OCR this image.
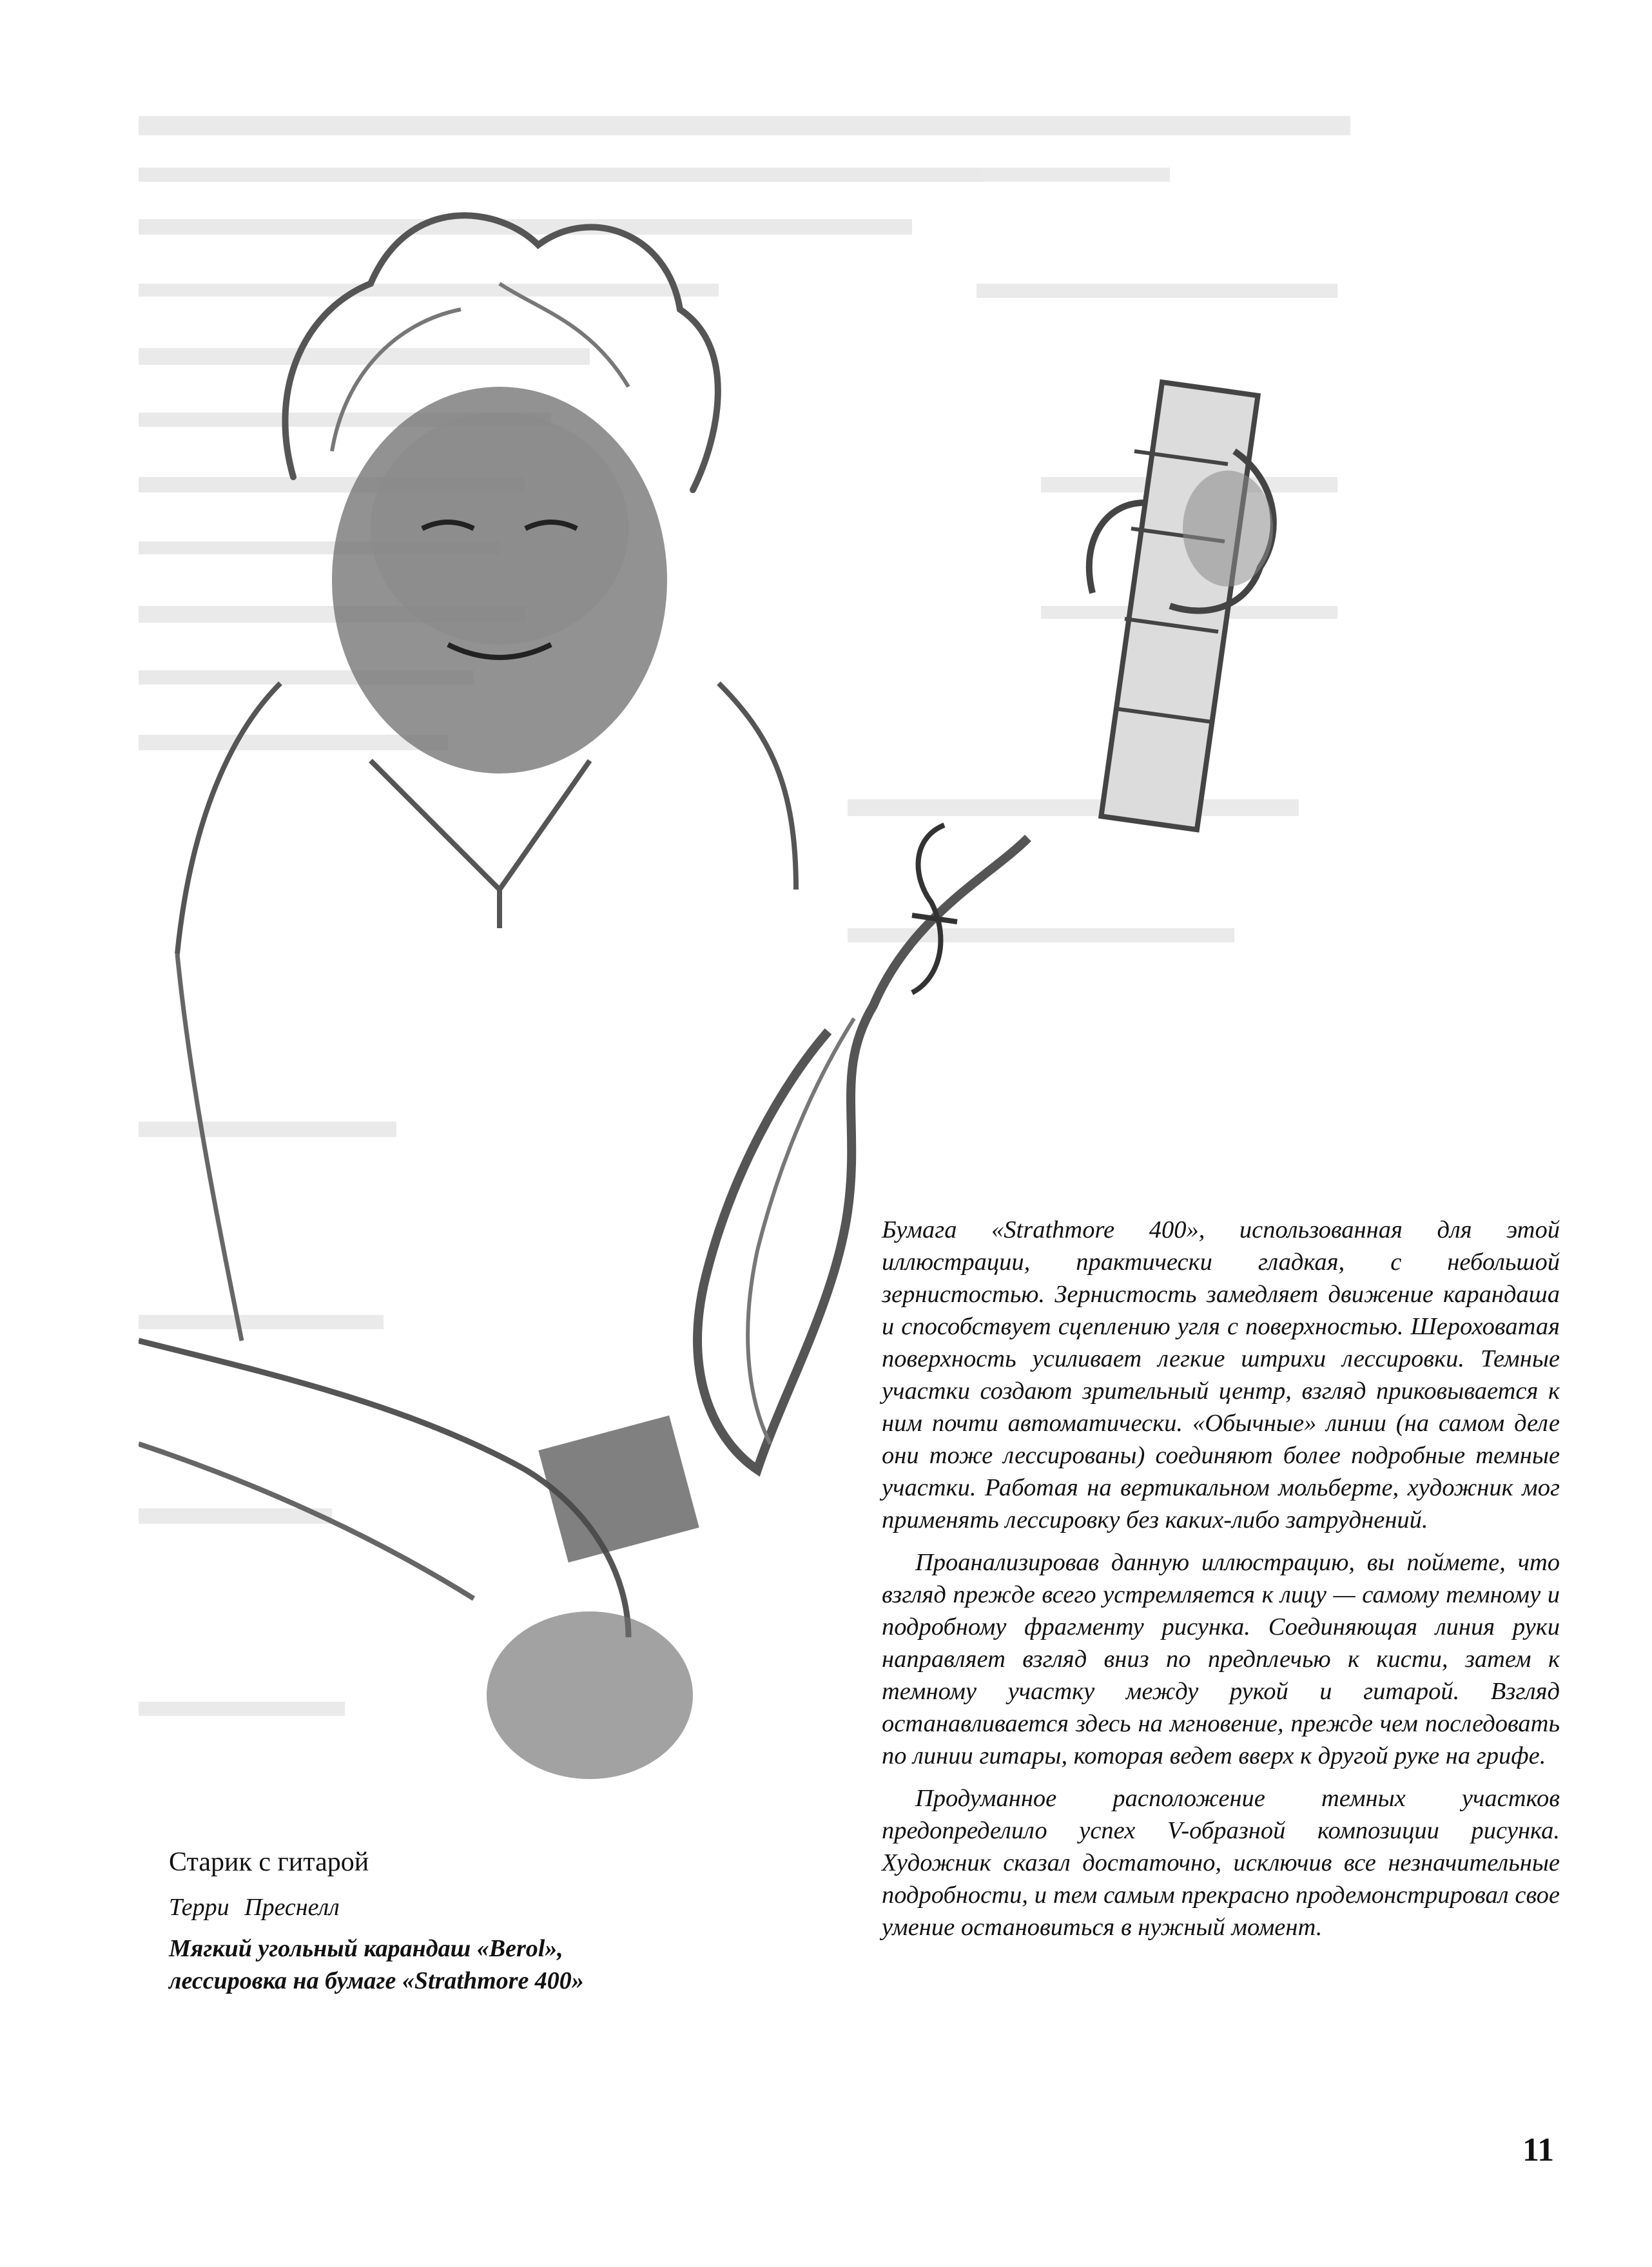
Старик с гитарой
Терри Преснелл
Мягкий угольный карандаш «Berol»,
лессировка на бумаге «Strathmore 400»

Бумага «Strathmore 400», использованная для этой иллюстрации, практически гладкая, с небольшой зернистостью. Зернистость замедляет движение карандаша и способствует сцеплению угля с поверхностью. Шероховатая поверхность усиливает легкие штрихи лессировки. Темные участки создают зрительный центр, взгляд приковывается к ним почти автоматически. «Обычные» линии (на самом деле они тоже лессированы) соединяют более подробные темные участки. Работая на вертикальном мольберте, художник мог применять лессировку без каких-либо затруднений.

Проанализировав данную иллюстрацию, вы поймете, что взгляд прежде всего устремляется к лицу — самому темному и подробному фрагменту рисунка. Соединяющая линия руки направляет взгляд вниз по предплечью к кисти, затем к темному участку между рукой и гитарой. Взгляд останавливается здесь на мгновение, прежде чем последовать по линии гитары, которая ведет вверх к другой руке на грифе.

Продуманное расположение темных участков предопределило успех V-образной композиции рисунка. Художник сказал достаточно, исключив все незначительные подробности, и тем самым прекрасно продемонстрировал свое умение остановиться в нужный момент.

11
